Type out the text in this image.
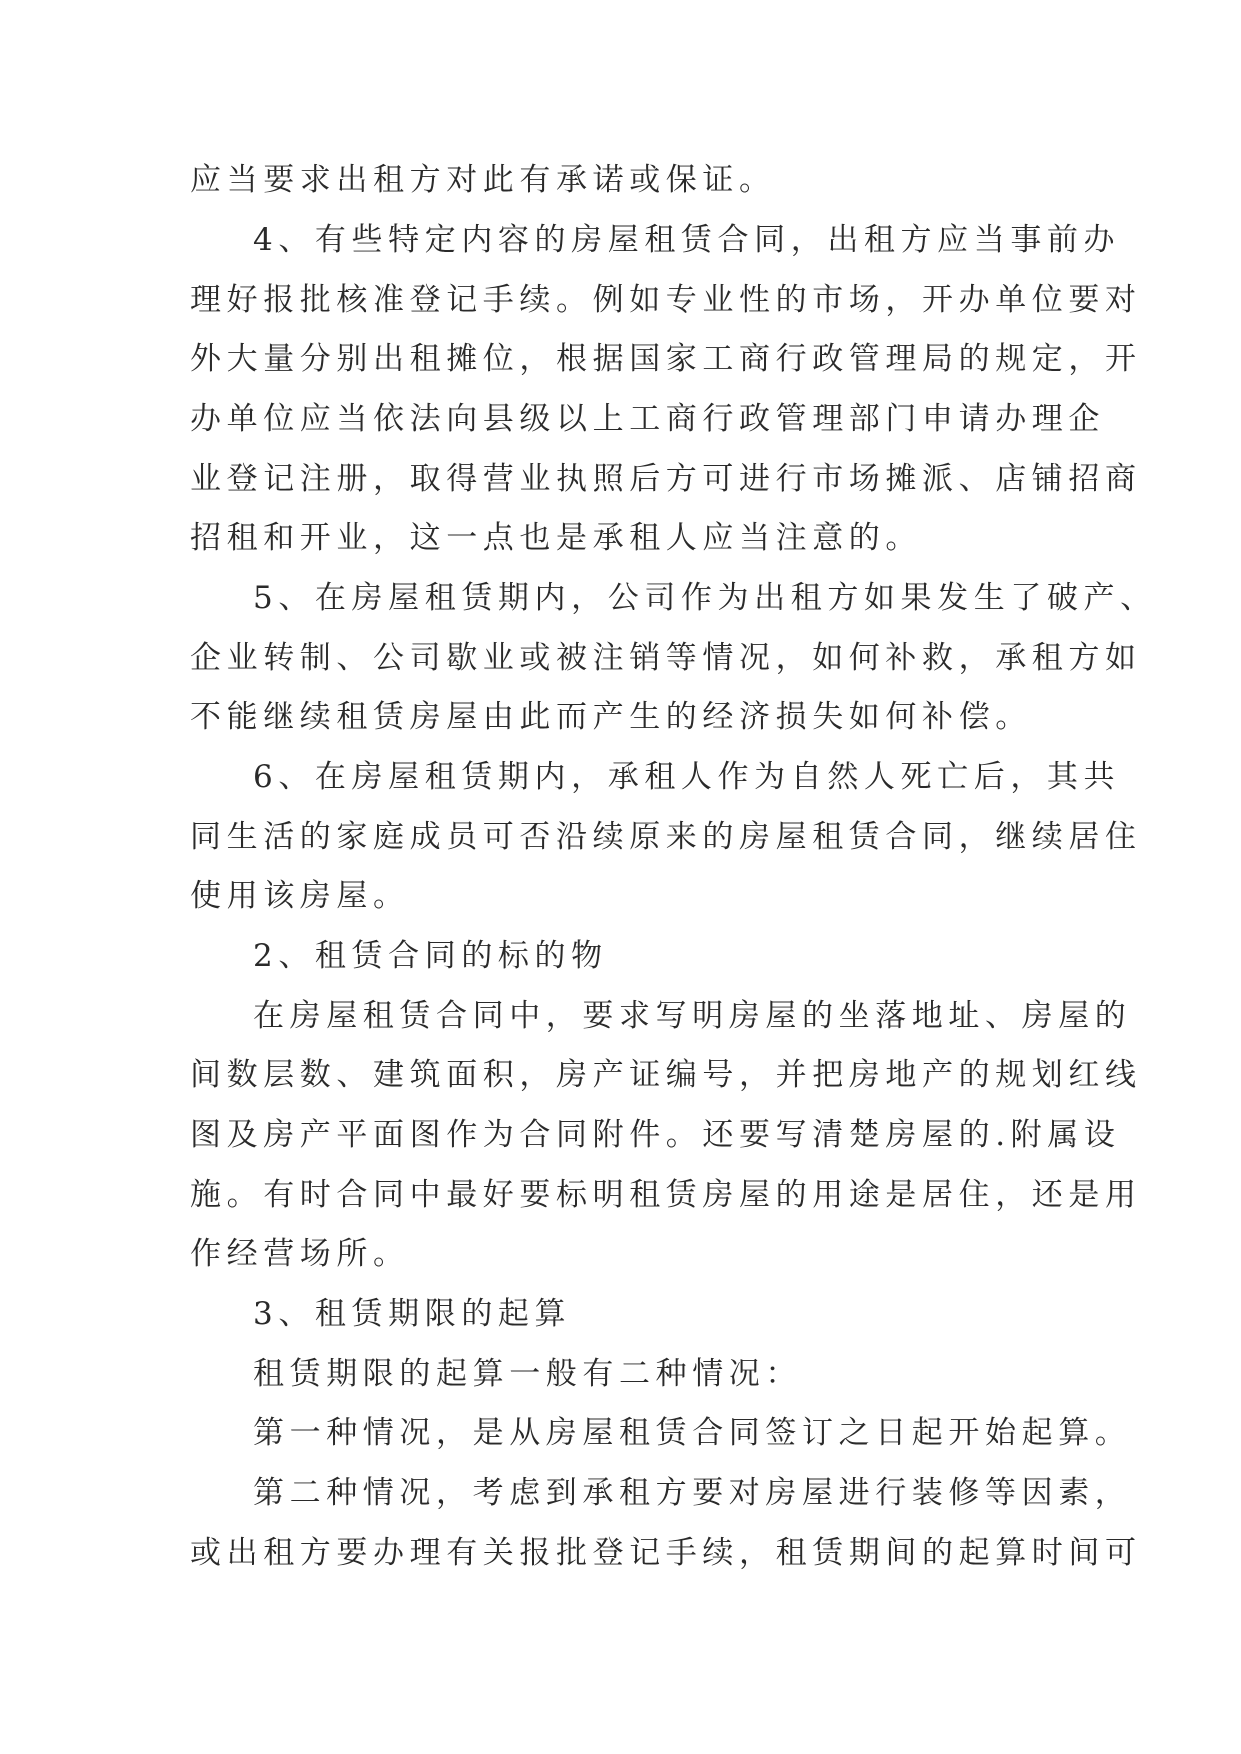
应当要求出租方对此有承诺或保证。
4、有些特定内容的房屋租赁合同，出租方应当事前办
理好报批核准登记手续。例如专业性的市场，开办单位要对
外大量分别出租摊位，根据国家工商行政管理局的规定，开
办单位应当依法向县级以上工商行政管理部门申请办理企
业登记注册，取得营业执照后方可进行市场摊派、店铺招商
招租和开业，这一点也是承租人应当注意的。
5、在房屋租赁期内，公司作为出租方如果发生了破产、
企业转制、公司歇业或被注销等情况，如何补救，承租方如
不能继续租赁房屋由此而产生的经济损失如何补偿。
6、在房屋租赁期内，承租人作为自然人死亡后，其共
同生活的家庭成员可否沿续原来的房屋租赁合同，继续居住
使用该房屋。
2、租赁合同的标的物
在房屋租赁合同中，要求写明房屋的坐落地址、房屋的
间数层数、建筑面积，房产证编号，并把房地产的规划红线
图及房产平面图作为合同附件。还要写清楚房屋的.附属设
施。有时合同中最好要标明租赁房屋的用途是居住，还是用
作经营场所。
3、租赁期限的起算
租赁期限的起算一般有二种情况：
第一种情况，是从房屋租赁合同签订之日起开始起算。
第二种情况，考虑到承租方要对房屋进行装修等因素，
或出租方要办理有关报批登记手续，租赁期间的起算时间可
